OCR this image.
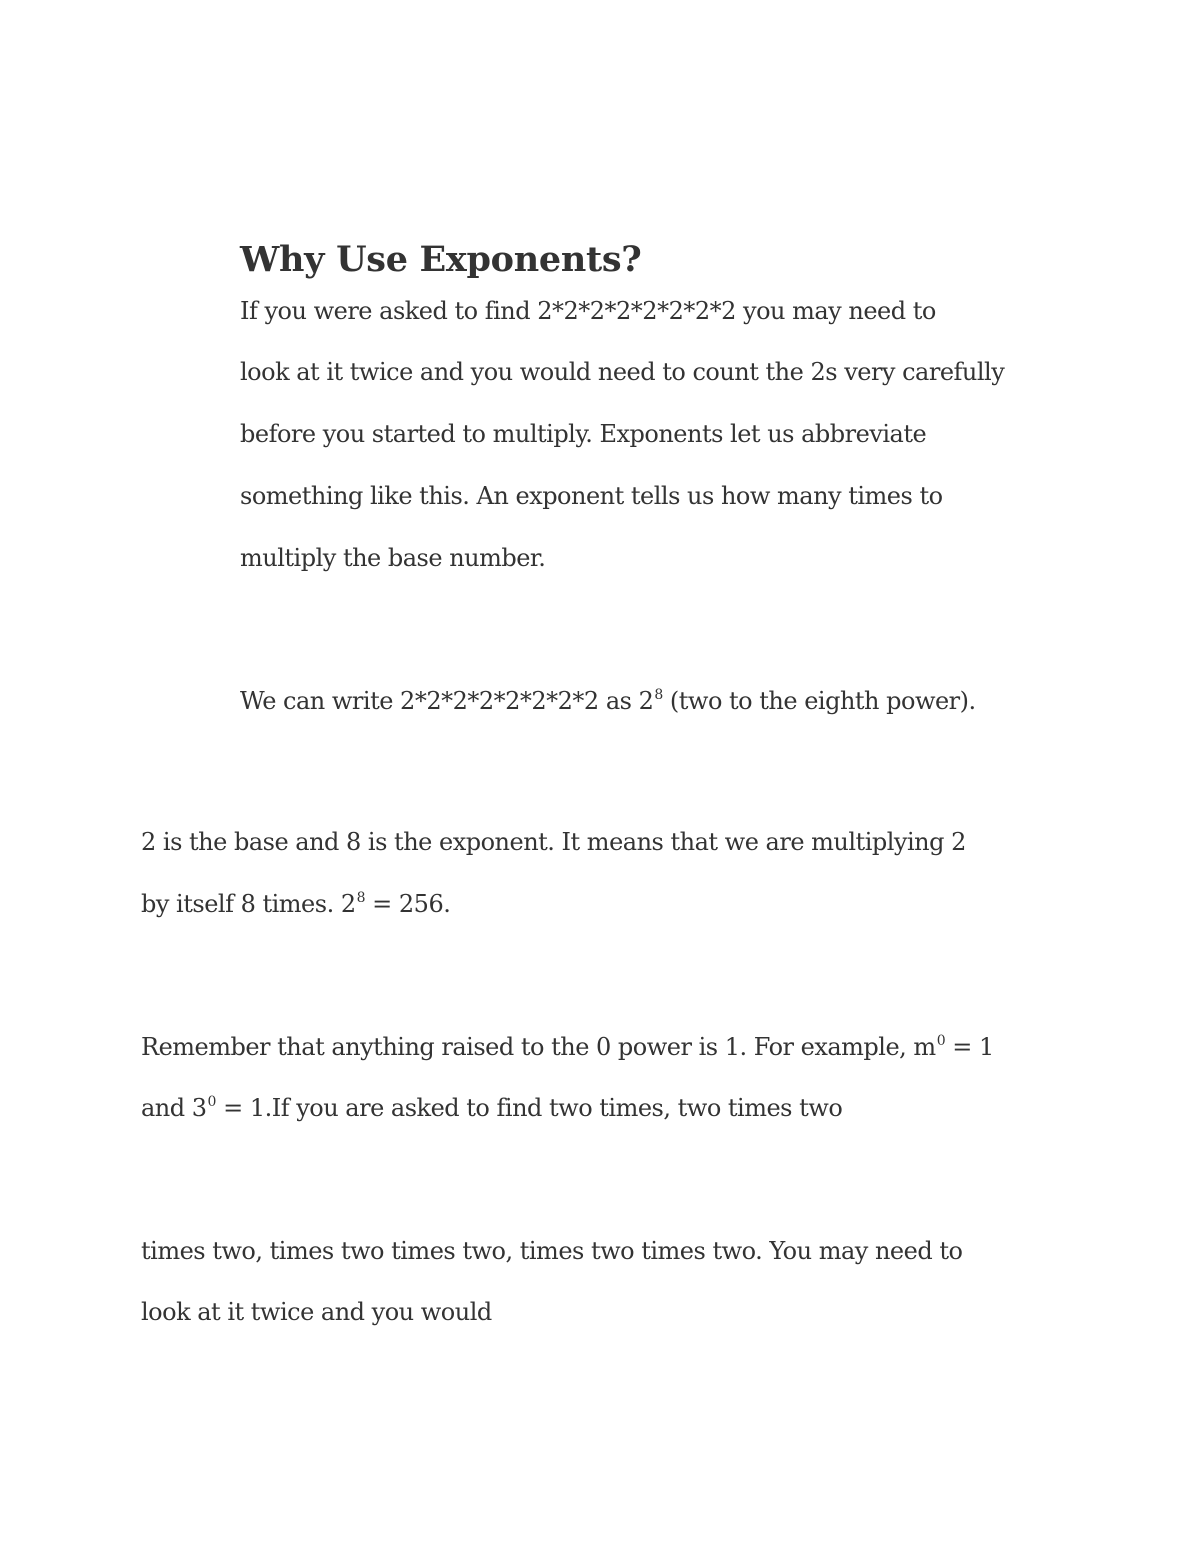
Why Use Exponents?
If you were asked to find 2*2*2*2*2*2*2*2 you may need to
look at it twice and you would need to count the 2s very carefully
before you started to multiply. Exponents let us abbreviate
something like this. An exponent tells us how many times to
multiply the base number.
We can write 2*2*2*2*2*2*2*2 as $2^8$ (two to the eighth power).
2 is the base and 8 is the exponent. It means that we are multiplying 2
by itself 8 times. $2^8 = 256$.
Remember that anything raised to the 0 power is 1. For example, $m^0 = 1$
and $3^0 = 1.If$ you are asked to find two times, two times two
times two, times two times two, times two times two. You may need to
look at it twice and you would
